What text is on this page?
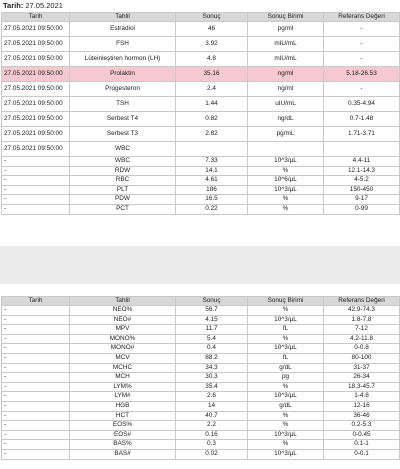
Tarih: 27.05.2021
Tarih	Tahlil	Sonuç	Sonuç Birimi	Referans Değeri
27.05.2021 09:50:00	Estradiol	46	pg/ml	-
27.05.2021 09:50:00	FSH	3.92	mIU/mL	-
27.05.2021 09:50:00	Lüteinleştiren hormon (LH)	4.8	mIU/mL	-
27.05.2021 09:50:00	Prolaktin	35.16	ng/ml	5.18-26.53
27.05.2021 09:50:00	Progesteron	2.4	ng/ml	-
27.05.2021 09:50:00	TSH	1.44	uIU/mL	0.35-4.94
27.05.2021 09:50:00	Serbest T4	0.82	ng/dL	0.7-1.48
27.05.2021 09:50:00	Serbest T3	2.82	pg/mL	1.71-3.71
27.05.2021 09:50:00	WBC			
-	WBC	7.33	10^3/μL	4.4-11
-	RDW	14.1	%	12.1-14.3
-	RBC	4.61	10^6/μL	4-5.2
-	PLT	186	10^3/μL	150-450
-	PDW	16.5	%	9-17
-	PCT	0.22	%	0-99
Tarih	Tahlil	Sonuç	Sonuç Birimi	Referans Değeri
-	NEO%	56.7	%	42.9-74.3
-	NEO#	4.15	10^3/μL	1.8-7.8
-	MPV	11.7	fL	7-12
-	MONO%	5.4	%	4.2-11.8
-	MONO#	0.4	10^3/μL	0-0.8
-	MCV	88.2	fL	80-100
-	MCHC	34.3	g/dL	31-37
-	MCH	30.3	pg	26-34
-	LYM%	35.4	%	18.3-45.7
-	LYM#	2.6	10^3/μL	1-4.8
-	HGB	14	g/dL	12-16
-	HCT	40.7	%	36-46
-	EOS%	2.2	%	0.2-5.3
-	EOS#	0.16	10^3/μL	0-0.45
-	BAS%	0.3	%	0.1-1
-	BAS#	0.02	10^3/μL	0-0.1
